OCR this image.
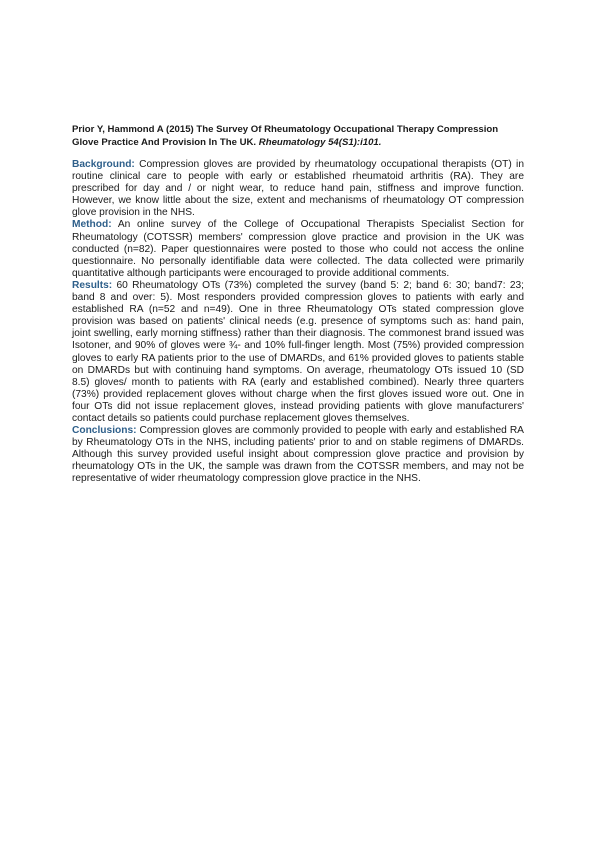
Prior Y, Hammond A (2015) The Survey Of Rheumatology Occupational Therapy Compression Glove Practice And Provision In The UK. Rheumatology 54(S1):i101.

Background: Compression gloves are provided by rheumatology occupational therapists (OT) in routine clinical care to people with early or established rheumatoid arthritis (RA). They are prescribed for day and / or night wear, to reduce hand pain, stiffness and improve function. However, we know little about the size, extent and mechanisms of rheumatology OT compression glove provision in the NHS.

Method: An online survey of the College of Occupational Therapists Specialist Section for Rheumatology (COTSSR) members' compression glove practice and provision in the UK was conducted (n=82). Paper questionnaires were posted to those who could not access the online questionnaire. No personally identifiable data were collected. The data collected were primarily quantitative although participants were encouraged to provide additional comments.

Results: 60 Rheumatology OTs (73%) completed the survey (band 5: 2; band 6: 30; band7: 23; band 8 and over: 5). Most responders provided compression gloves to patients with early and established RA (n=52 and n=49). One in three Rheumatology OTs stated compression glove provision was based on patients' clinical needs (e.g. presence of symptoms such as: hand pain, joint swelling, early morning stiffness) rather than their diagnosis. The commonest brand issued was Isotoner, and 90% of gloves were ¾- and 10% full-finger length. Most (75%) provided compression gloves to early RA patients prior to the use of DMARDs, and 61% provided gloves to patients stable on DMARDs but with continuing hand symptoms. On average, rheumatology OTs issued 10 (SD 8.5) gloves/ month to patients with RA (early and established combined). Nearly three quarters (73%) provided replacement gloves without charge when the first gloves issued wore out. One in four OTs did not issue replacement gloves, instead providing patients with glove manufacturers' contact details so patients could purchase replacement gloves themselves.

Conclusions: Compression gloves are commonly provided to people with early and established RA by Rheumatology OTs in the NHS, including patients' prior to and on stable regimens of DMARDs. Although this survey provided useful insight about compression glove practice and provision by rheumatology OTs in the UK, the sample was drawn from the COTSSR members, and may not be representative of wider rheumatology compression glove practice in the NHS.
